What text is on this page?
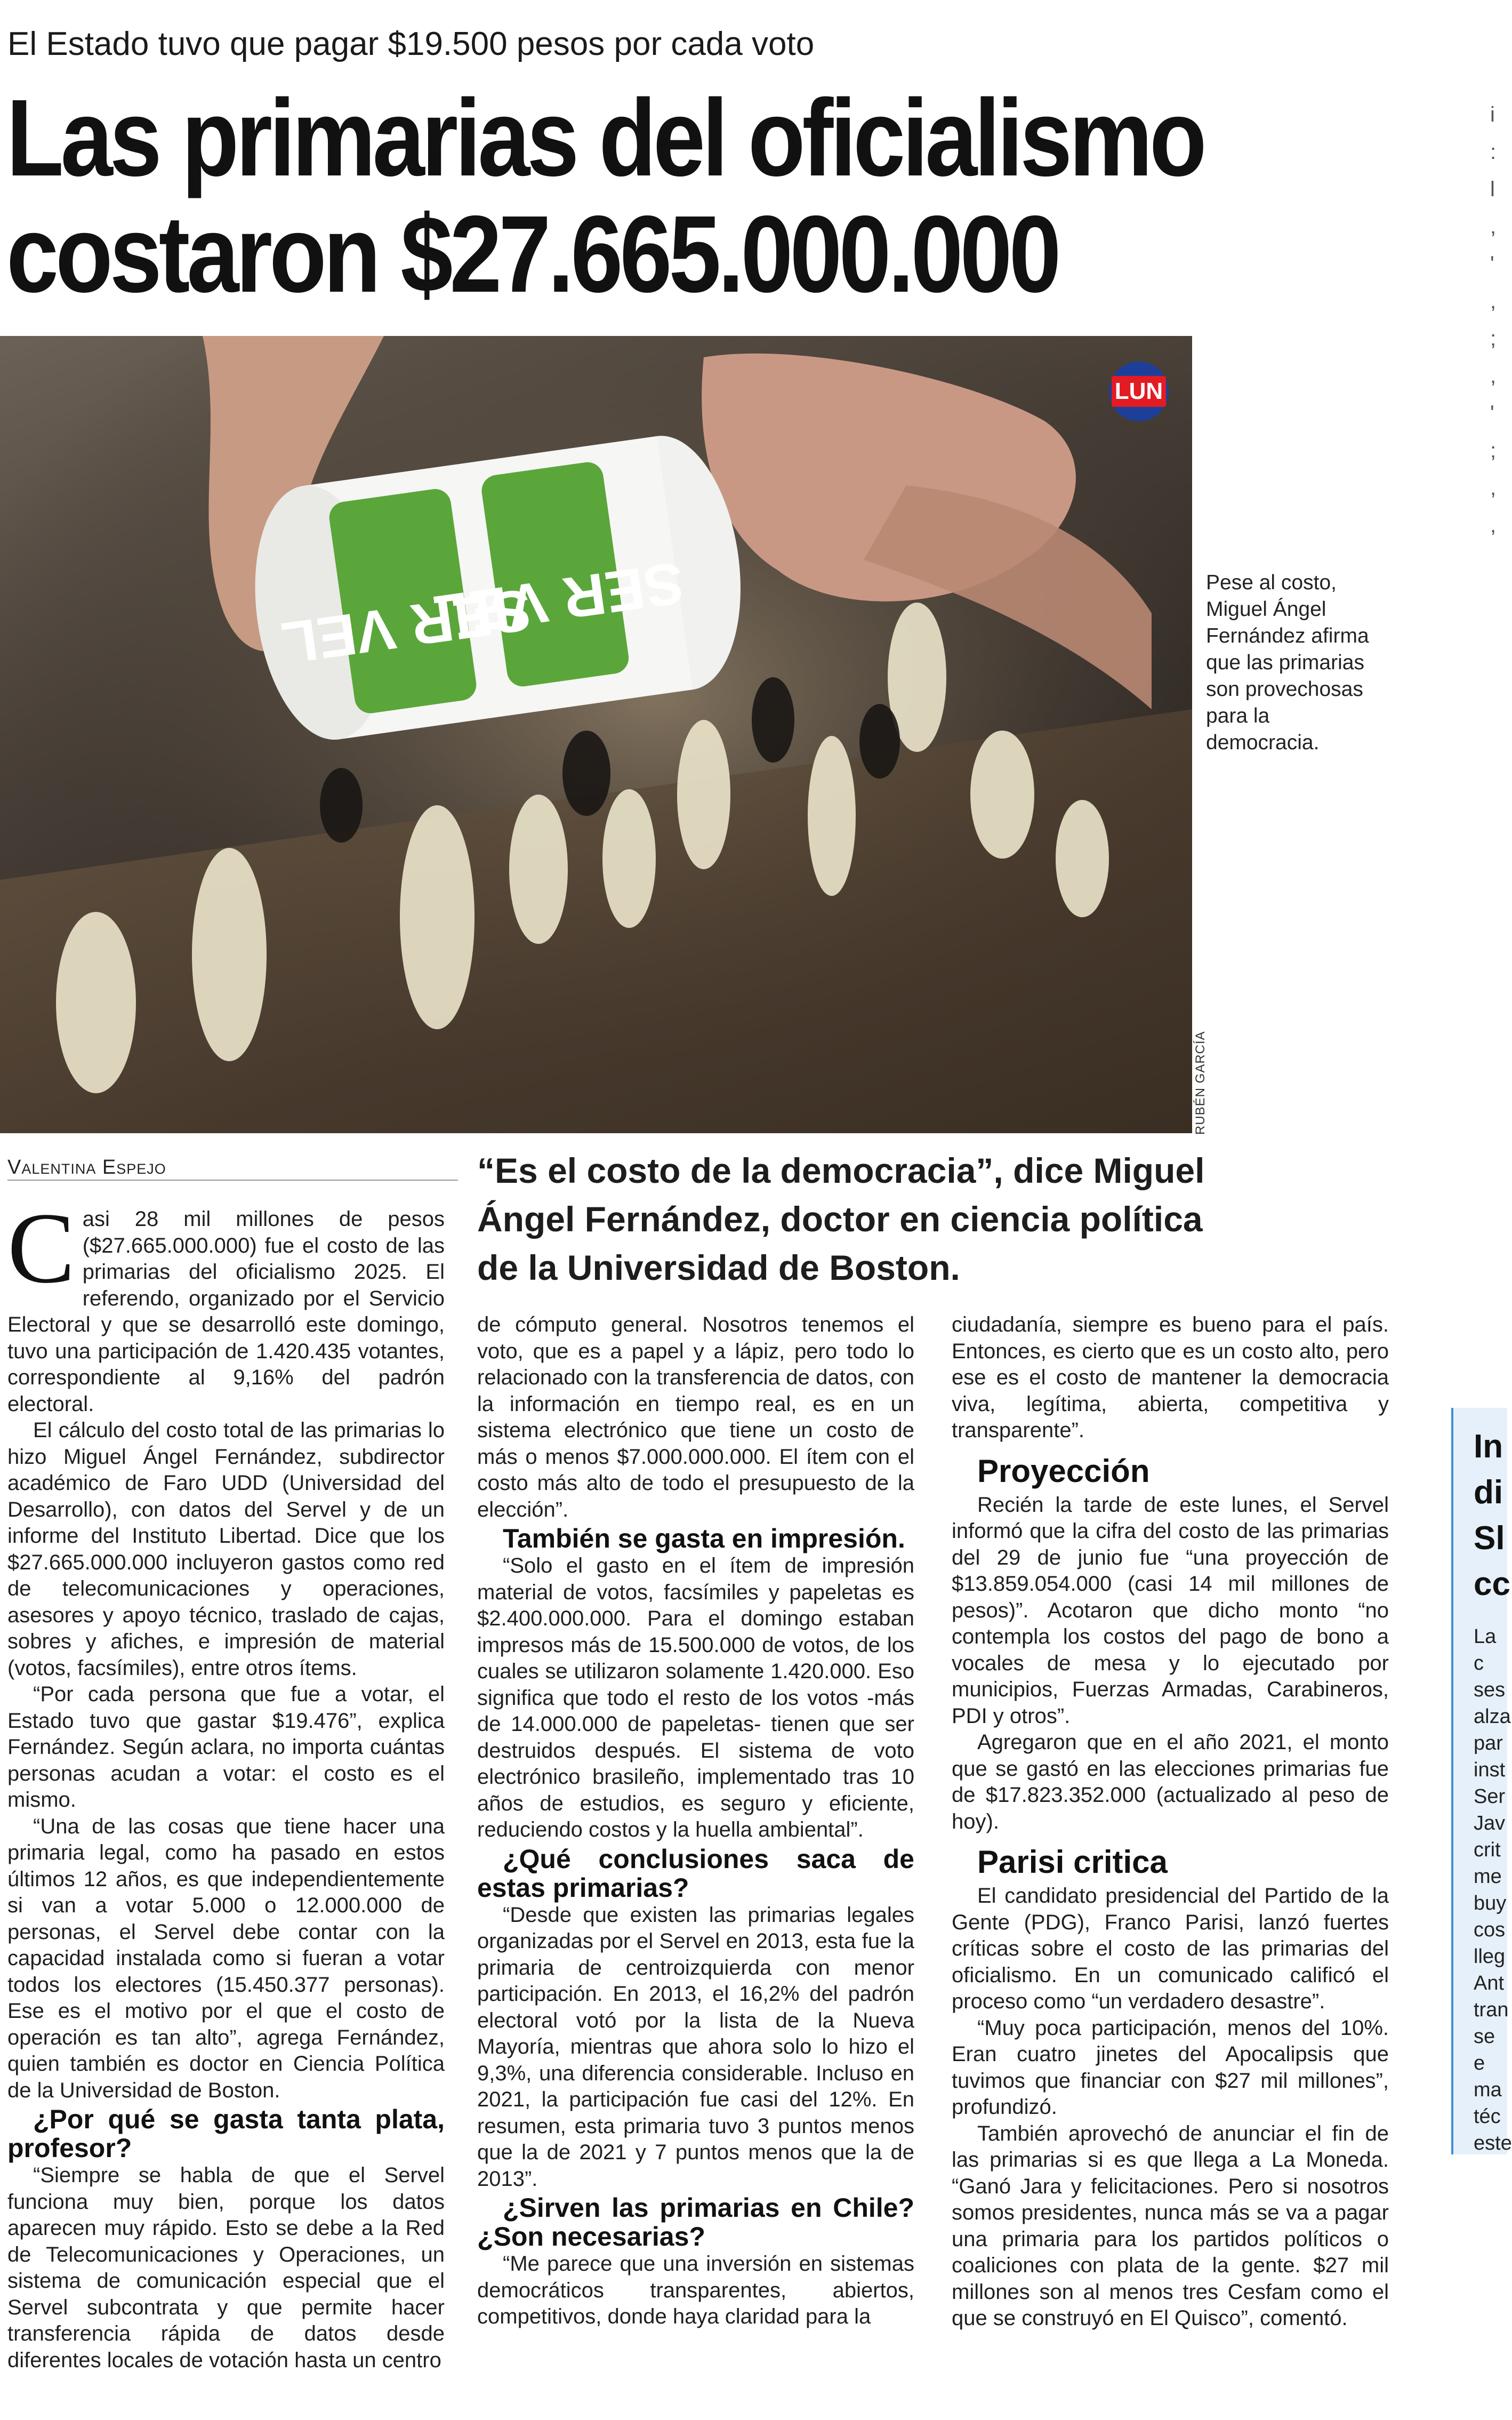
El Estado tuvo que pagar $19.500 pesos por cada voto
Las primarias del oficialismo
costaron $27.665.000.000
SER VEL
SER VEL
LUN
Pese al costo, Miguel Ángel Fernández afirma que las primarias son provechosas para la democracia.
RUBÉN GARCÍA
i
:
l
,
'
,
;
,
'
;
,
,
Valentina Espejo	“Es el costo de la democracia”, dice Miguel Ángel Fernández, doctor en ciencia política de la Universidad de Boston.

Casi 28 mil millones de pesos ($27.665.000.000) fue el costo de las primarias del oficialismo 2025. El referendo, organizado por el Servicio Electoral y que se desarrolló este domingo, tuvo una participación de 1.420.435 votantes, correspondiente al 9,16% del padrón electoral.

El cálculo del costo total de las primarias lo hizo Miguel Ángel Fernández, subdirector académico de Faro UDD (Universidad del Desarrollo), con datos del Servel y de un informe del Instituto Libertad. Dice que los $27.665.000.000 incluyeron gastos como red de telecomunicaciones y operaciones, asesores y apoyo técnico, traslado de cajas, sobres y afiches, e impresión de material (votos, facsímiles), entre otros ítems.

“Por cada persona que fue a votar, el Estado tuvo que gastar $19.476”, explica Fernández. Según aclara, no importa cuántas personas acudan a votar: el costo es el mismo.

“Una de las cosas que tiene hacer una primaria legal, como ha pasado en estos últimos 12 años, es que independientemente si van a votar 5.000 o 12.000.000 de personas, el Servel debe contar con la capacidad instalada como si fueran a votar todos los electores (15.450.377 personas). Ese es el motivo por el que el costo de operación es tan alto”, agrega Fernández, quien también es doctor en Ciencia Política de la Universidad de Boston.

¿Por qué se gasta tanta plata, profesor?

“Siempre se habla de que el Servel funciona muy bien, porque los datos aparecen muy rápido. Esto se debe a la Red de Telecomunicaciones y Operaciones, un sistema de comunicación especial que el Servel subcontrata y que permite hacer transferencia rápida de datos desde diferentes locales de votación hasta un centro

de cómputo general. Nosotros tenemos el voto, que es a papel y a lápiz, pero todo lo relacionado con la transferencia de datos, con la información en tiempo real, es en un sistema electrónico que tiene un costo de más o menos $7.000.000.000. El ítem con el costo más alto de todo el presupuesto de la elección”.

También se gasta en impresión.

“Solo el gasto en el ítem de impresión material de votos, facsímiles y papeletas es $2.400.000.000. Para el domingo estaban impresos más de 15.500.000 de votos, de los cuales se utilizaron solamente 1.420.000. Eso significa que todo el resto de los votos -más de 14.000.000 de papeletas- tienen que ser destruidos después. El sistema de voto electrónico brasileño, implementado tras 10 años de estudios, es seguro y eficiente, reduciendo costos y la huella ambiental”.

¿Qué conclusiones saca de estas primarias?

“Desde que existen las primarias legales organizadas por el Servel en 2013, esta fue la primaria de centroizquierda con menor participación. En 2013, el 16,2% del padrón electoral votó por la lista de la Nueva Mayoría, mientras que ahora solo lo hizo el 9,3%, una diferencia considerable. Incluso en 2021, la participación fue casi del 12%. En resumen, esta primaria tuvo 3 puntos menos que la de 2021 y 7 puntos menos que la de 2013”.

¿Sirven las primarias en Chile? ¿Son necesarias?

“Me parece que una inversión en sistemas democráticos transparentes, abiertos, competitivos, donde haya claridad para la

ciudadanía, siempre es bueno para el país. Entonces, es cierto que es un costo alto, pero ese es el costo de mantener la democracia viva, legítima, abierta, competitiva y transparente”.

Proyección

Recién la tarde de este lunes, el Servel informó que la cifra del costo de las primarias del 29 de junio fue “una proyección de $13.859.054.000 (casi 14 mil millones de pesos)”. Acotaron que dicho monto “no contempla los costos del pago de bono a vocales de mesa y lo ejecutado por municipios, Fuerzas Armadas, Carabineros, PDI y otros”.

Agregaron que en el año 2021, el monto que se gastó en las elecciones primarias fue de $17.823.352.000 (actualizado al peso de hoy).

Parisi critica

El candidato presidencial del Partido de la Gente (PDG), Franco Parisi, lanzó fuertes críticas sobre el costo de las primarias del oficialismo. En un comunicado calificó el proceso como “un verdadero desastre”.

“Muy poca participación, menos del 10%. Eran cuatro jinetes del Apocalipsis que tuvimos que financiar con $27 mil millones”, profundizó.

También aprovechó de anunciar el fin de las primarias si es que llega a La Moneda. “Ganó Jara y felicitaciones. Pero si nosotros somos presidentes, nunca más se va a pagar una primaria para los partidos políticos o coaliciones con plata de la gente. $27 mil millones son al menos tres Cesfam como el que se construyó en El Quisco”, comentó.

In
di
Sl
cc
La c
ses
alza
par
inst
Ser
Jav
crit
me
buy
cos
lleg
Ant
tran
se e
ma
téc
este
